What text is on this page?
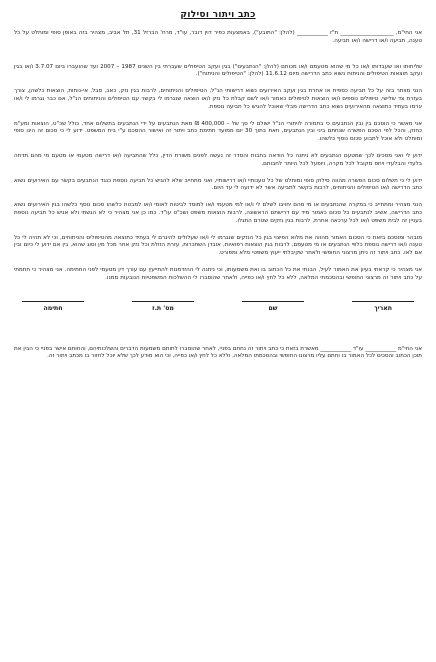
כתב ויתור וסילוק
אני החי"מ, ___________________ ת"ז ___________ (להלן: "התובע"), באמצעות כפיר דוין דובר, עו"ד, מרח' הברזל 31, תל אביב, מצהיר בזה באופן סופי ומוחלט על כל טענה, תביעה ו/או דרישה ו/או תביעה.
שליחותו ואו שעבדותו ו/או כל מי שהוא מטעמם ו/או מכוחם (להלן: "הנתבעים") בגין ועקב הטיפולים שעברתי בין השנים 1987 – 2007 ועד שהועברו ביום 3.7.07 ו/או בגין ועקב תוצאות הטיפולים והניתוח נשוא כתב הדרישה מיום 11.6.12 (להלן: "הטיפולים והניתוח").
הנני מוותר בזה על כל תביעה כספית או אחרת בגין ועקב האירועים נשוא דרישותי הנ"ל, הטיפולים והניתוחים, לרבות בגין נזק, כאב, סבל, אי-נוחות, הוצאות כלשהן, צורך בעזרת צד שלישי, טיפולים נוספים ו/או הוצאות לטיפולים כאמור ו/או לשם קבלת כל נזק ו/או הוצאה שנגרמו לי בקשר עם הטיפולים והניתוחים הנ"ל, אם כבר נגרמו לי ו/או יגרמו בעתיד כתוצאה מהאירועים נשוא כתב הדרישה מבלי שאוכל להגיש כל תביעה נוספת.
אני מאשר כי הוסכם בין ובין הנתבעים כי בתמורה לויתורי הנ"ל ישולם לי סך של – 400,000 ₪ מאת הנתבעים על ידי הנתבעים בתשלום אחד, כולל שכ"ט, הוצאות ומע"מ כחוק, והכל לפי הסכם הפשרה שנחתם ביני ובין הנתבעים, וזאת בתוך 30 יום ממועד חתימת כתב ויתור זה ואישור ההסכם ע"י בית המשפט. ידוע לי כי סכום זה הינו סופי ומוחלט ולא אוכל לתבוע סכום נוסף כלשהו.
ידוע לי ואני מסכים לכך שמטעם הנתבעים לא ניתנה כל הודאה בחבות והסדר זה נעשה לפנים משורת הדין, כלל שהתביעה ו/או דרישה מטעמי או מטעם מי מהם תדחה בלעדי והבלעדי ויחס מקובל לכל מקרה, ויופעל לכל היותר לחבותם.
ידוע לי כי תשלום סכום הפשרה מהווה סילוק סופי ומוחלט של כל טענותיי ו/או דרישותיי, ואני מתחייב שלא להגיש כל תביעה נוספת כנגד הנתבעים בקשר עם האירועים נשוא כתב הדרישה ו/או הטיפולים והניתוחים, לרבות בקשר לתביעה אשר לא ידועה לי עד היום.
הנני מצהיר ומתחייב כי במקרה שהנתבעים או מי מהם יחויבו לשלם לי ו/או למי מטעמי ו/או למוסד לביטוח לאומי ו/או למבטח כלשהו סכום נוסף כלשהו בגין האירועים נשוא כתב הדרישה, אשיב לנתבעים כל סכום כאמור מיד עם דרישתם הראשונה, לרבות הוצאות משפט ושכ"ט עו"ד. כמו כן אני מצהיר כי לא הגשתי ולא אגיש כל תביעה נוספת בעניין זה לבית משפט ו/או לכל ערכאה אחרת, לרבות בגין נזקים שטרם התגלו.
מובהר ומוסכם בזאת כי הסכום האמור מהווה את מלוא הפיצוי בגין כל הנזקים שנגרמו לי ו/או שעלולים להיגרם לי בעתיד כתוצאה מהטיפולים והניתוחים, וכי לא תהיה לי כל טענה ו/או דרישה נוספת כלפי הנתבעים או מי מטעמם, לרבות בגין הוצאות רפואיות, אובדן השתכרות, עזרת הזולת וכל נזק אחר מכל מין וסוג שהוא, בין אם ידוע לי כיום ובין אם לאו. כתב ויתור זה ניתן מרצוני החופשי ולאחר שקיבלתי ייעוץ משפטי מלא ומפורט.
אני מצהיר כי קראתי בעיון את האמור לעיל, הבנתי את כל הכתוב בו ואת משמעותו, וכי ניתנה לי ההזדמנות להתייעץ עם עורך דין מטעמי לפני החתימה. אני מצהיר כי חתמתי על כתב ויתור זה מרצוני החופשי ובהסכמתי המלאה, ללא כל לחץ ו/או כפייה, ולאחר שהוסברו לי ההשלכות המשפטיות הנובעות ממנו.
תאריך
שם
מס' ת.ז
חתימה
אני החי"מ ___________ עו"ד ___________ מאשרת בזאת כי כתב ויתור זה נחתם בפניי, לאחר שהוסברו לחותם משמעות הדברים והשלכותיהם, והחותם אישר בפניי כי הבין את תוכן הכתוב והסכים לכל האמור בו וחתם עליו מרצונו החופשי ובהסכמתו המלאה, וללא כל לחץ ו/או כפייה, וכי הוא מודע לכך שלא יוכל לחזור בו מכתב ויתור זה.
